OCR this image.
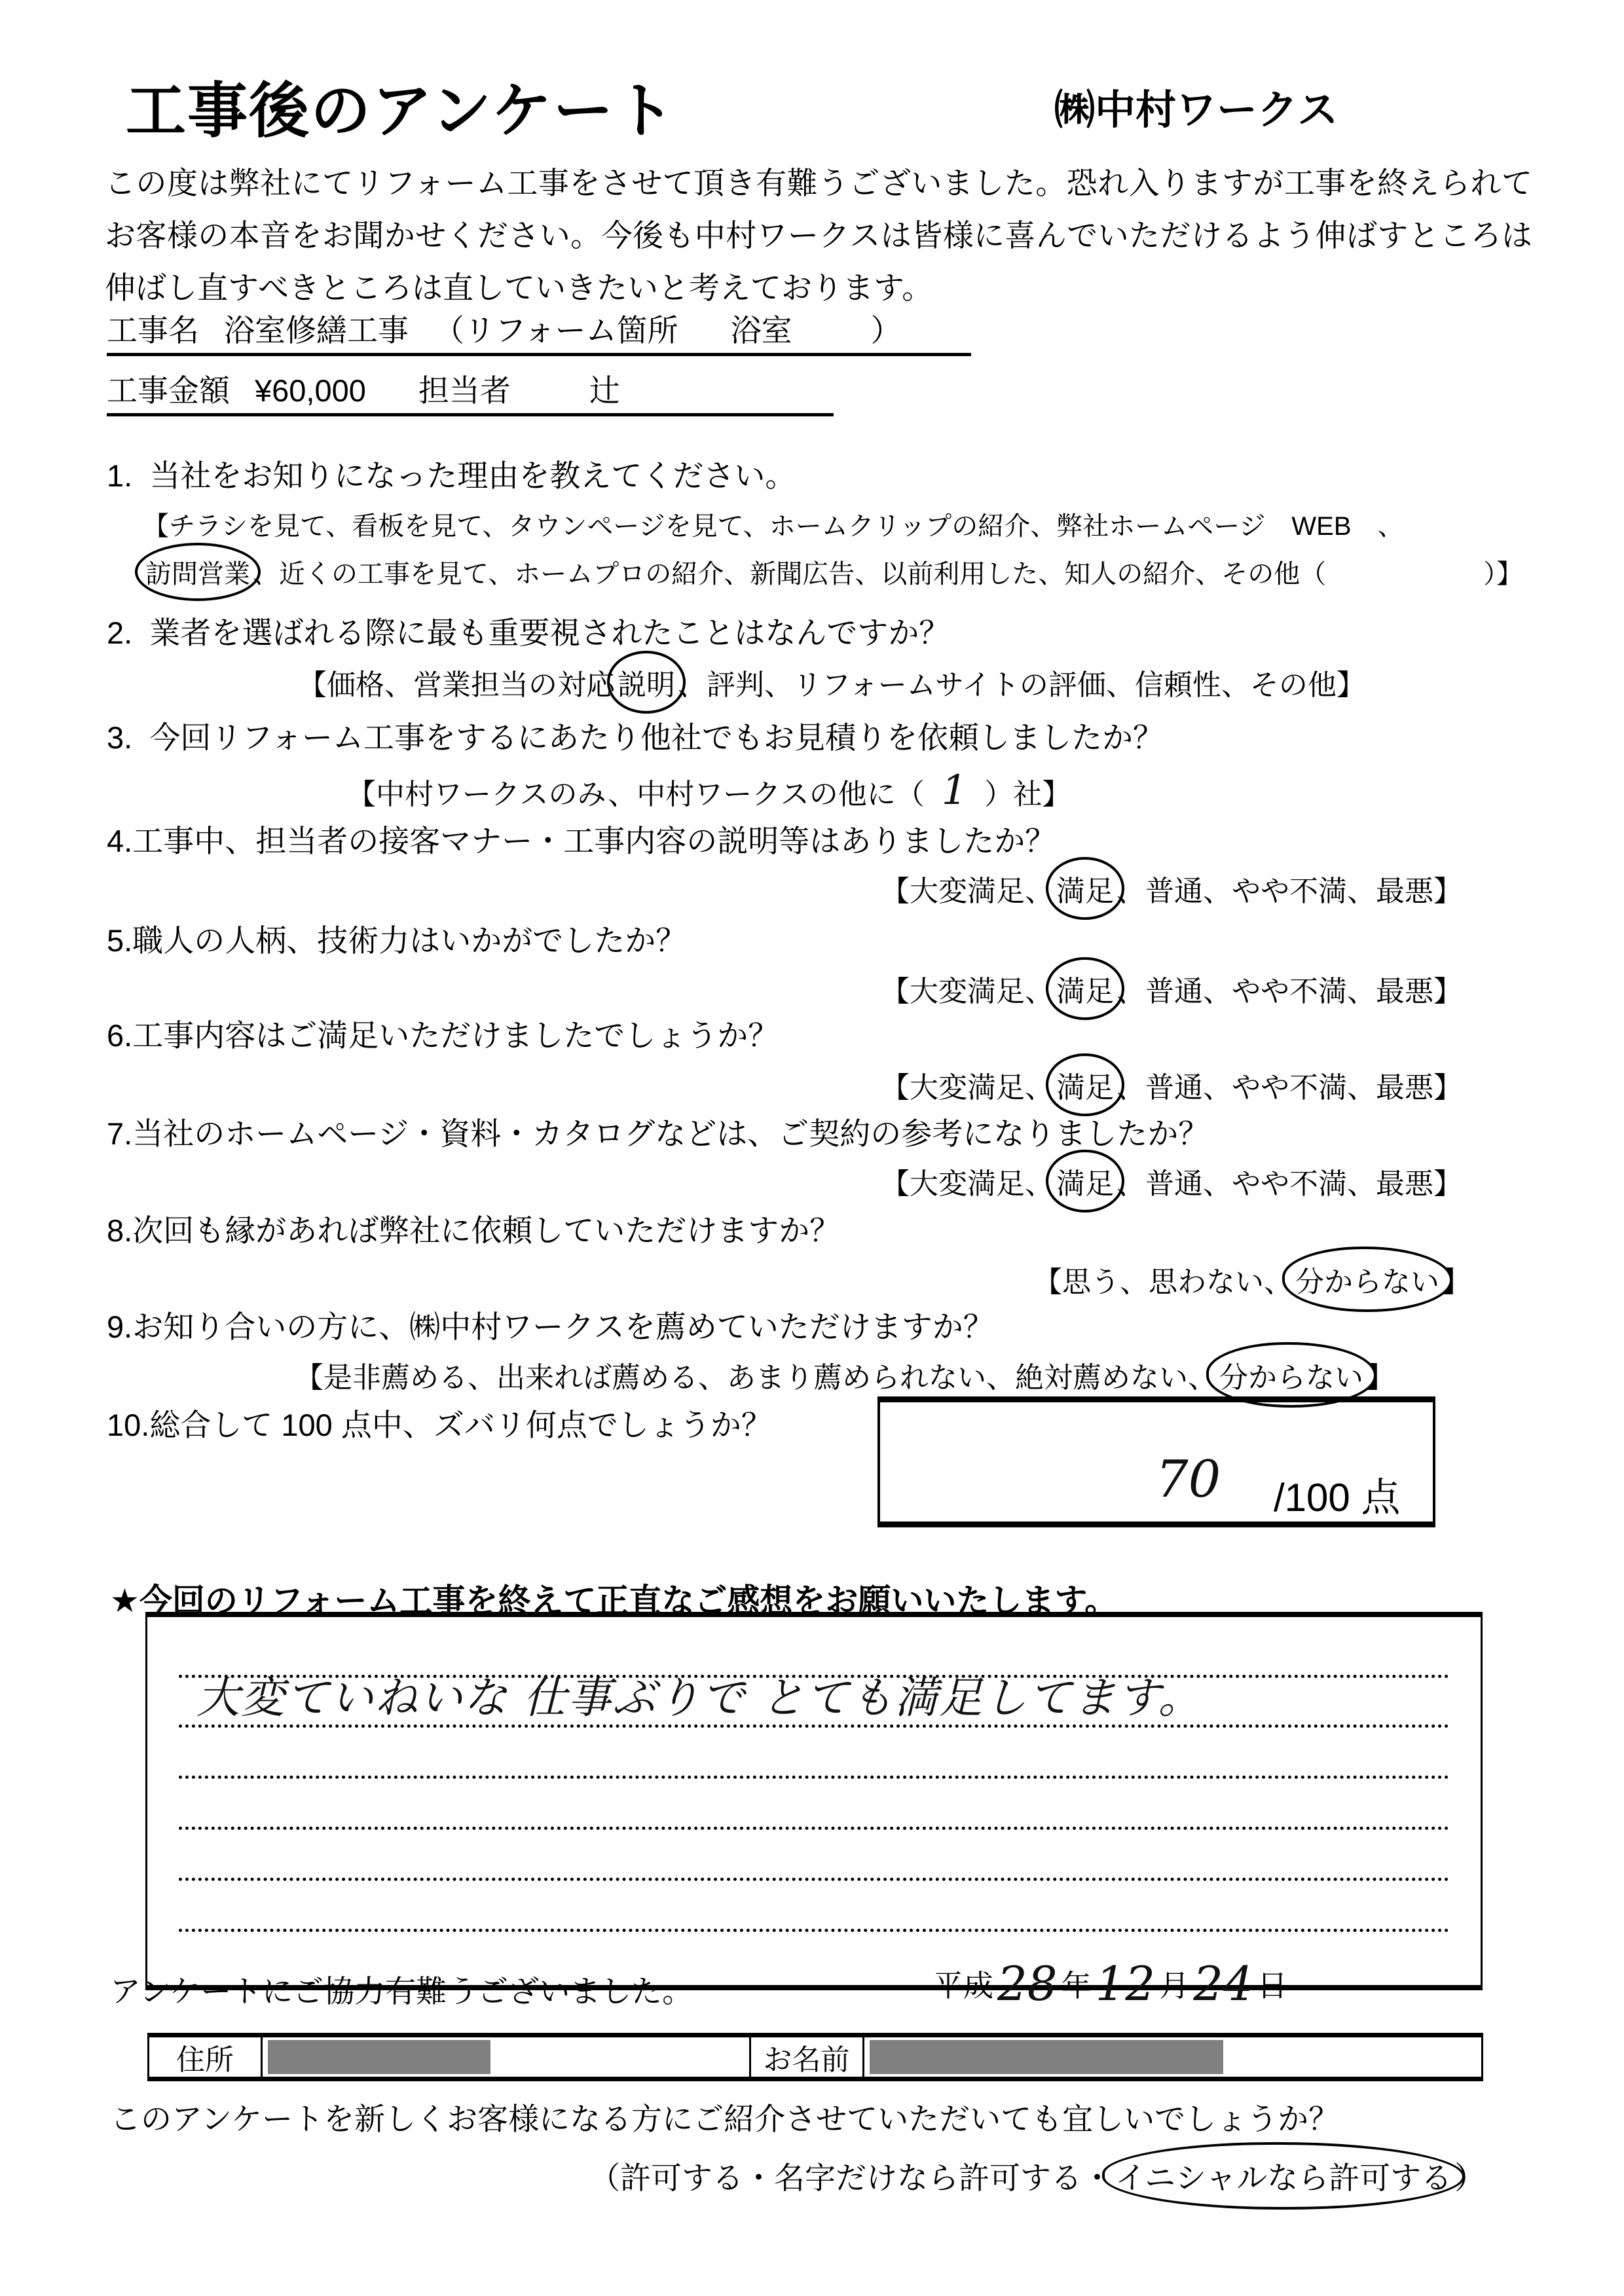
工事後のアンケート	㈱中村ワークス
この度は弊社にてリフォーム工事をさせて頂き有難うございました。恐れ入りますが工事を終えられてお客様の本音をお聞かせください。今後も中村ワークスは皆様に喜んでいただけるよう伸ばすところは伸ばし直すべきところは直していきたいと考えております。
工事名 浴室修繕工事 （リフォーム箇所 浴室	）
工事金額 ¥60,000 担当者	辻
1. 当社をお知りになった理由を教えてください。
【チラシを見て、看板を見て、タウンページを見て、ホームクリップの紹介、弊社ホームページ　WEB　、
訪問営業 、近くの工事を見て、ホームプロの紹介、新聞広告、以前利用した、知人の紹介、その他（	）】
2. 業者を選ばれる際に最も重要視されたことはなんですか？
【価格、営業担当の対応説明、評判、リフォームサイトの評価、信頼性、その他】
3. 今回リフォーム工事をするにあたり他社でもお見積りを依頼しましたか？
【中村ワークスのみ、中村ワークスの他に（ 1 ）社】
4.工事中、担当者の接客マナー・工事内容の説明等はありましたか？
【大変満足、満足、普通、やや不満、最悪】
5.職人の人柄、技術力はいかがでしたか？
【大変満足、満足、普通、やや不満、最悪】
6.工事内容はご満足いただけましたでしょうか？
【大変満足、満足、普通、やや不満、最悪】
7.当社のホームページ・資料・カタログなどは、ご契約の参考になりましたか？
【大変満足、満足、普通、やや不満、最悪】
8.次回も縁があれば弊社に依頼していただけますか？
【思う、思わない、分からない】
9.お知り合いの方に、㈱中村ワークスを薦めていただけますか？
【是非薦める、出来れば薦める、あまり薦められない、絶対薦めない、分からない】
10.総合して 100 点中、ズバリ何点でしょうか？
70 /100 点
★今回のリフォーム工事を終えて正直なご感想をお願いいたします。
大変ていねいな 仕事ぶりで とても満足してます。
アンケートにご協力有難うございました。	平成28 年12 月24 日
住所	お名前
このアンケートを新しくお客様になる方にご紹介させていただいても宜しいでしょうか？
（許可する・名字だけなら許可する・イニシャルなら許可する）
